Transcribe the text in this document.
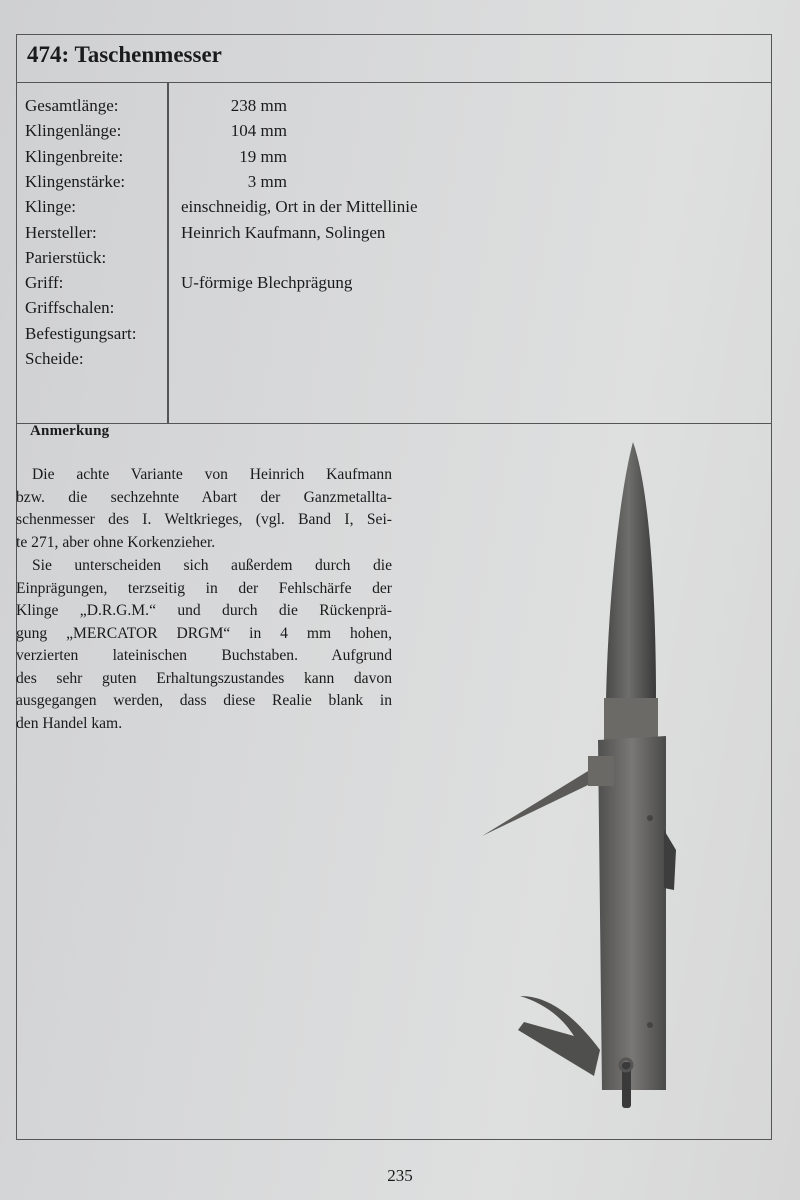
474: Taschenmesser
Gesamtlänge:	238 mm
Klingenlänge:	104 mm
Klingenbreite:	19 mm
Klingenstärke:	3 mm
Klinge:	einschneidig, Ort in der Mittellinie
Hersteller:	Heinrich Kaufmann, Solingen
Parierstück:
Griff:	U-förmige Blechprägung
Griffschalen:
Befestigungsart:
Scheide:
Anmerkung
Die achte Variante von Heinrich Kaufmann
bzw. die sechzehnte Abart der Ganzmetallta-
schenmesser des I. Weltkrieges, (vgl. Band I, Sei-
te 271, aber ohne Korkenzieher.
Sie unterscheiden sich außerdem durch die
Einprägungen, terzseitig in der Fehlschärfe der
Klinge „D.R.G.M.“ und durch die Rückenprä-
gung „MERCATOR DRGM“ in 4 mm hohen,
verzierten lateinischen Buchstaben. Aufgrund
des sehr guten Erhaltungszustandes kann davon
ausgegangen werden, dass diese Realie blank in
den Handel kam.
235
